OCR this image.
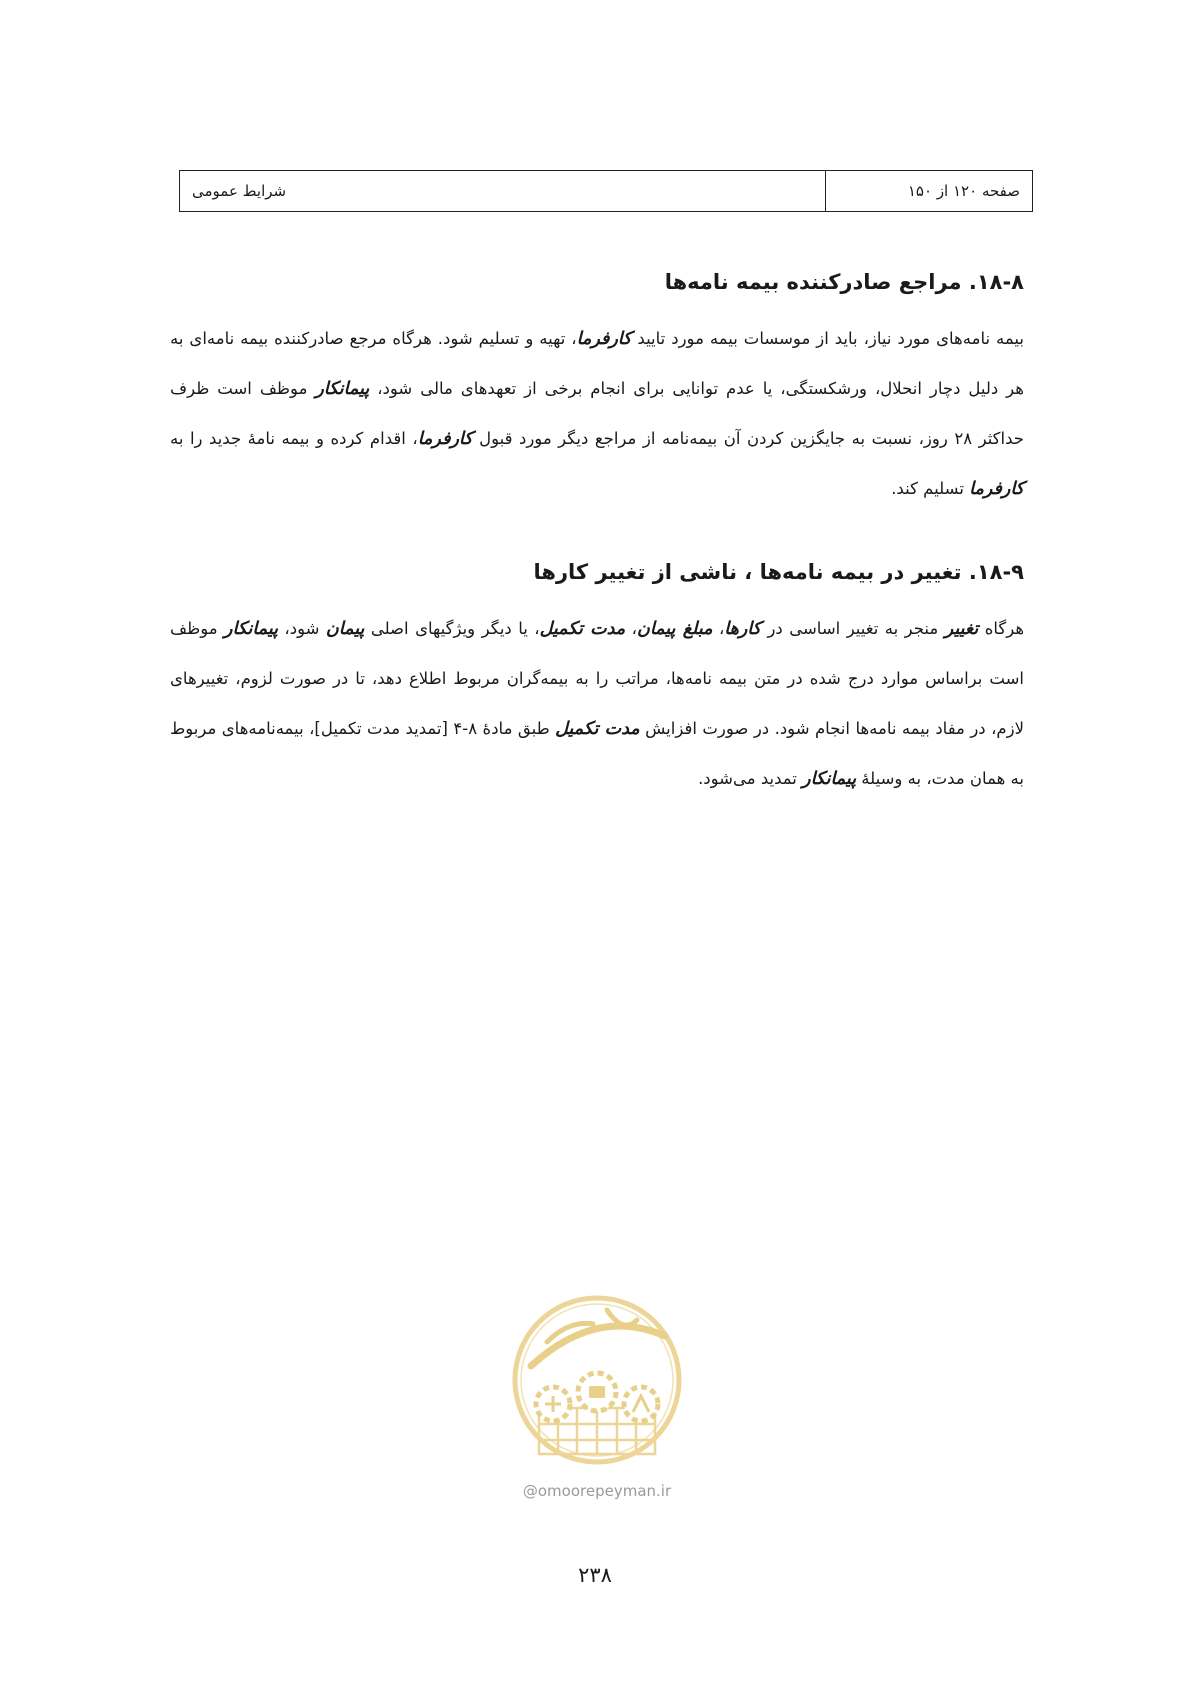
صفحه ۱۲۰ از ۱۵۰
شرایط عمومی
۱۸-۸. مراجع صادرکننده بیمه نامه‌ها

بیمه نامه‌های مورد نیاز، باید از موسسات بیمه مورد تایید کارفرما، تهیه و تسلیم شود. هرگاه مرجع صادرکننده بیمه نامه‌ای به هر دلیل دچار انحلال، ورشکستگی، یا عدم توانایی برای انجام برخی از تعهدهای مالی شود، پیمانکار موظف است ظرف حداکثر ۲۸ روز، نسبت به جایگزین کردن آن بیمه‌نامه از مراجع دیگر مورد قبول کارفرما، اقدام کرده و بیمه نامهٔ جدید را به کارفرما تسلیم کند.

۱۸-۹. تغییر در بیمه نامه‌ها ، ناشی از تغییر کارها

هرگاه تغییر منجر به تغییر اساسی در کارها، مبلغ پیمان، مدت تکمیل، یا دیگر ویژگیهای اصلی پیمان شود، پیمانکار موظف است براساس موارد درج شده در متن بیمه نامه‌ها، مراتب را به بیمه‌گران مربوط اطلاع دهد، تا در صورت لزوم، تغییرهای لازم، در مفاد بیمه نامه‌ها انجام شود. در صورت افزایش مدت تکمیل طبق مادهٔ ۸-۴ [تمدید مدت تکمیل]، بیمه‌نامه‌های مربوط به همان مدت، به وسیلهٔ پیمانکار تمدید می‌شود.

@omoorepeyman.ir
۲۳۸
